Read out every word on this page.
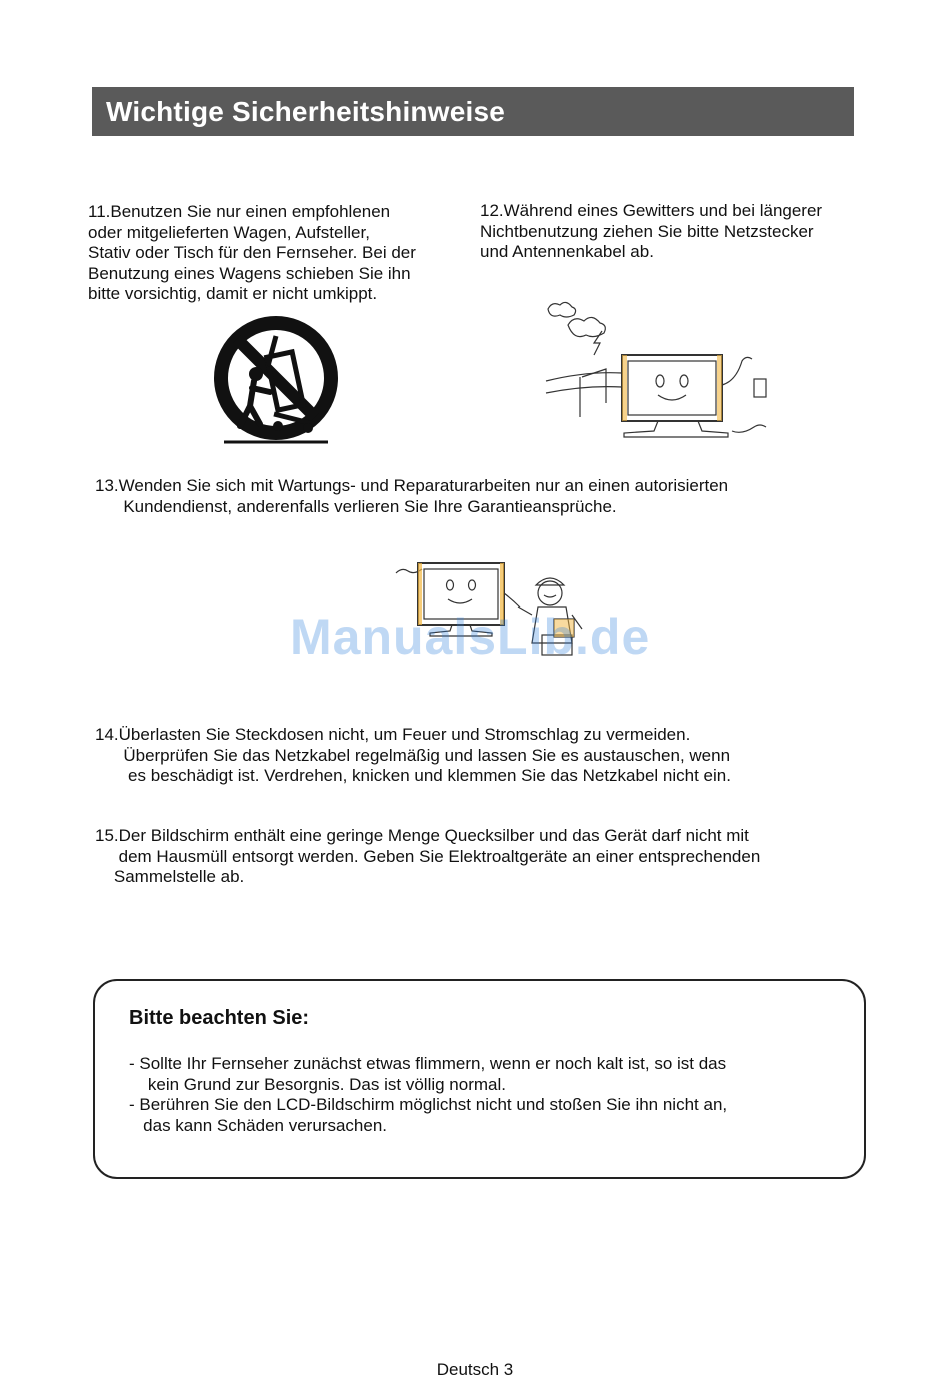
Wichtige Sicherheitshinweise
11.Benutzen Sie nur einen empfohlenen
oder mitgelieferten Wagen, Aufsteller,
Stativ oder Tisch für den Fernseher. Bei der
Benutzung eines Wagens schieben Sie ihn
bitte vorsichtig, damit er nicht umkippt.
12.Während eines Gewitters und bei längerer
Nichtbenutzung ziehen Sie bitte Netzstecker
und Antennenkabel ab.
13.Wenden Sie sich mit Wartungs- und Reparaturarbeiten nur an einen autorisierten
Kundendienst, anderenfalls verlieren Sie Ihre Garantieansprüche.
ManualsLib.de
14.Überlasten Sie Steckdosen nicht, um Feuer und Stromschlag zu vermeiden.
Überprüfen Sie das Netzkabel regelmäßig und lassen Sie es austauschen, wenn
es beschädigt ist. Verdrehen, knicken und klemmen Sie das Netzkabel nicht ein.
15.Der Bildschirm enthält eine geringe Menge Quecksilber und das Gerät darf nicht mit
dem Hausmüll entsorgt werden. Geben Sie Elektroaltgeräte an einer entsprechenden
Sammelstelle ab.
Bitte beachten Sie:
- Sollte Ihr Fernseher zunächst etwas flimmern, wenn er noch kalt ist, so ist das
kein Grund zur Besorgnis. Das ist völlig normal.
- Berühren Sie den LCD-Bildschirm möglichst nicht und stoßen Sie ihn nicht an,
das kann Schäden verursachen.
Deutsch 3
